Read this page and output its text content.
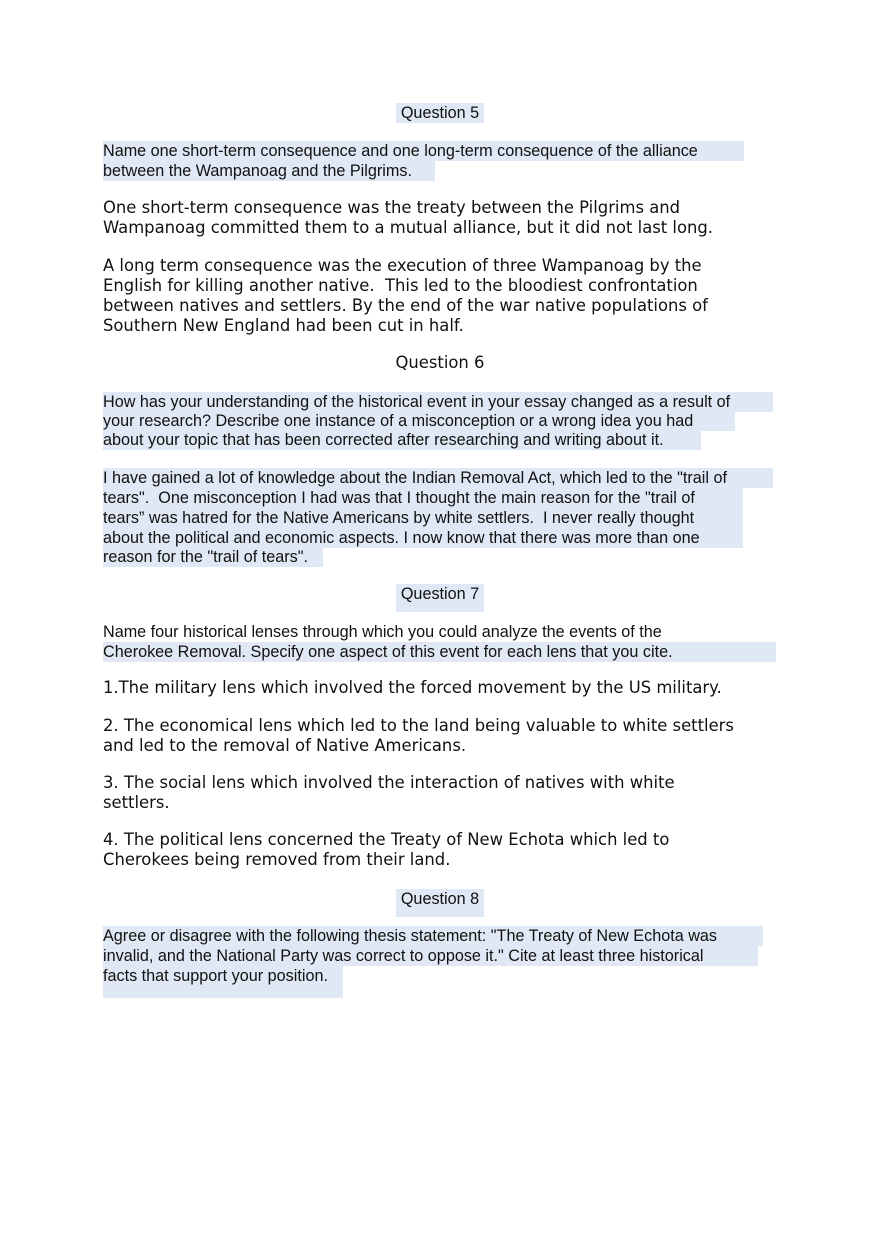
Question 5
Name one short-term consequence and one long-term consequence of the alliance
between the Wampanoag and the Pilgrims.
One short-term consequence was the treaty between the Pilgrims and
Wampanoag committed them to a mutual alliance, but it did not last long.
A long term consequence was the execution of three Wampanoag by the
English for killing another native.  This led to the bloodiest confrontation
between natives and settlers. By the end of the war native populations of
Southern New England had been cut in half.
Question 6
How has your understanding of the historical event in your essay changed as a result of
your research? Describe one instance of a misconception or a wrong idea you had
about your topic that has been corrected after researching and writing about it.
I have gained a lot of knowledge about the Indian Removal Act, which led to the "trail of
tears".  One misconception I had was that I thought the main reason for the "trail of
tears” was hatred for the Native Americans by white settlers.  I never really thought
about the political and economic aspects. I now know that there was more than one
reason for the "trail of tears".
Question 7
Name four historical lenses through which you could analyze the events of the
Cherokee Removal. Specify one aspect of this event for each lens that you cite.
1.The military lens which involved the forced movement by the US military.
2. The economical lens which led to the land being valuable to white settlers
and led to the removal of Native Americans.
3. The social lens which involved the interaction of natives with white
settlers.
4. The political lens concerned the Treaty of New Echota which led to
Cherokees being removed from their land.
Question 8
Agree or disagree with the following thesis statement: "The Treaty of New Echota was
invalid, and the National Party was correct to oppose it." Cite at least three historical
facts that support your position.
